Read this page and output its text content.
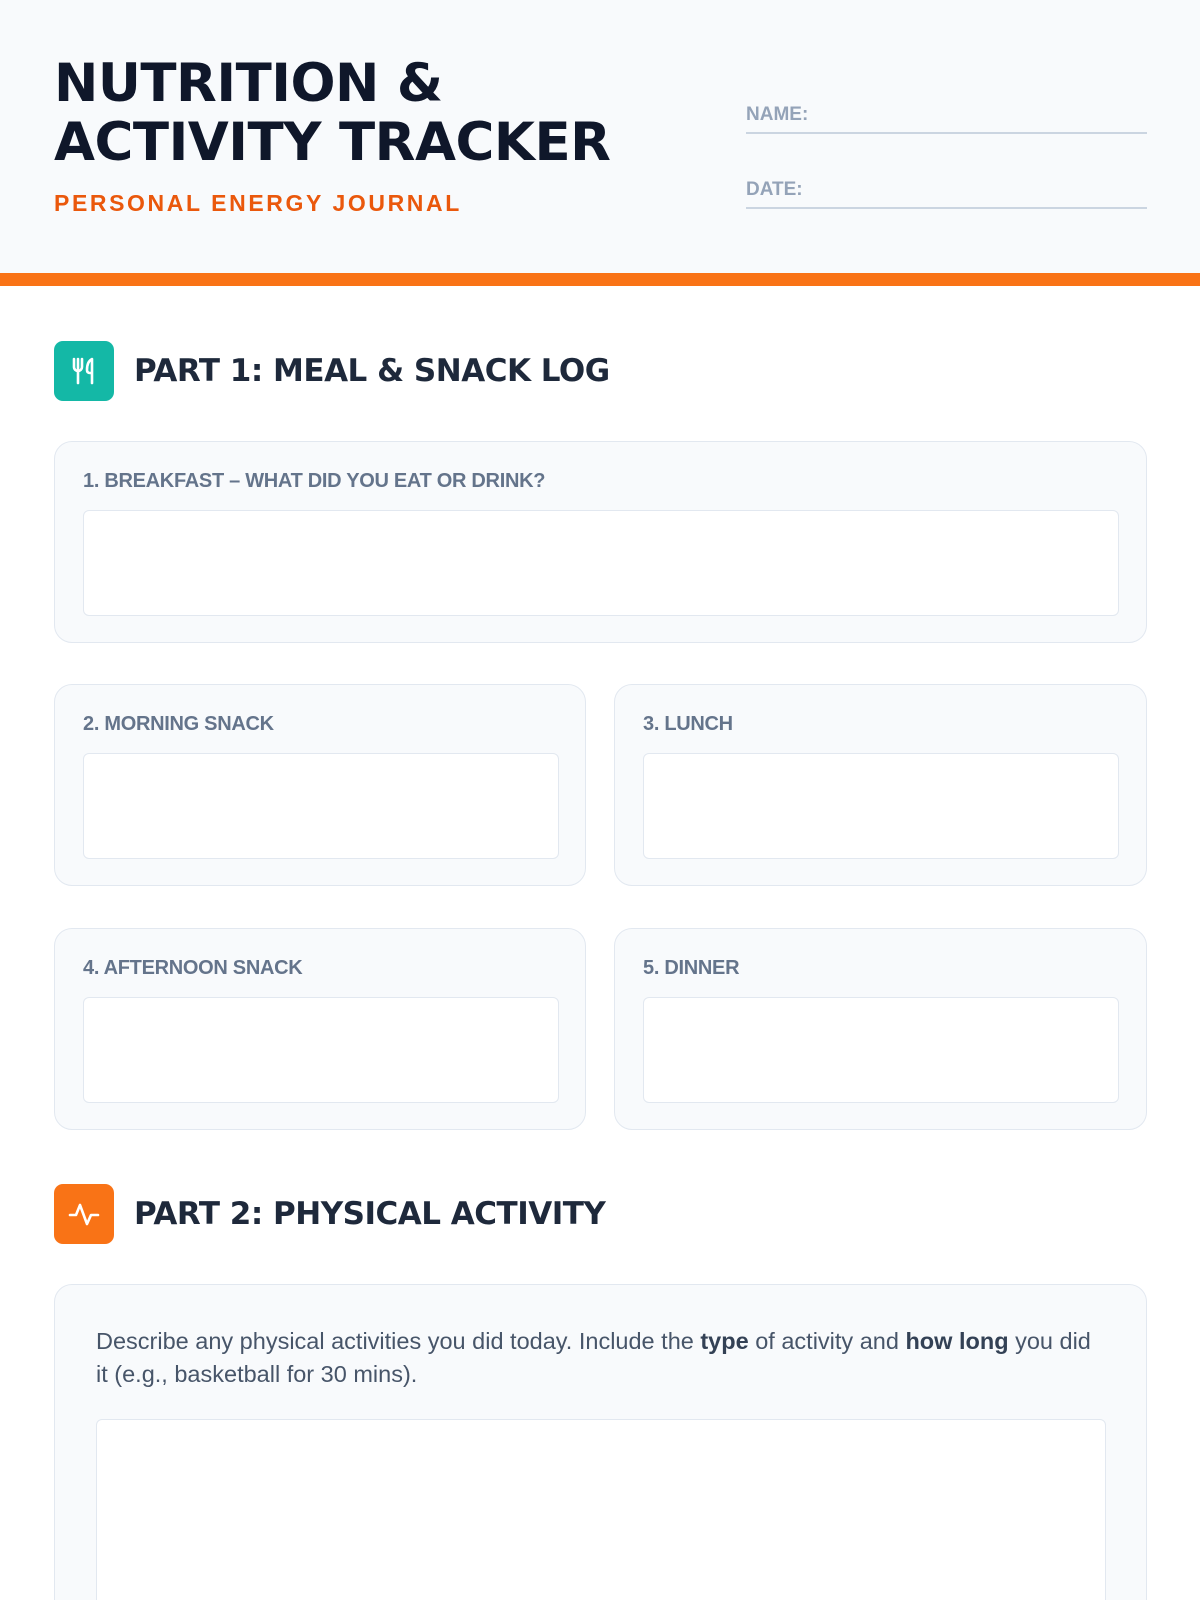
NUTRITION &
ACTIVITY TRACKER
PERSONAL ENERGY JOURNAL
NAME:
DATE:
PART 1: MEAL & SNACK LOG
1. BREAKFAST – WHAT DID YOU EAT OR DRINK?
2. MORNING SNACK	3. LUNCH
4. AFTERNOON SNACK	5. DINNER
PART 2: PHYSICAL ACTIVITY
Describe any physical activities you did today. Include the type of activity and how long you did it (e.g., basketball for 30 mins).
